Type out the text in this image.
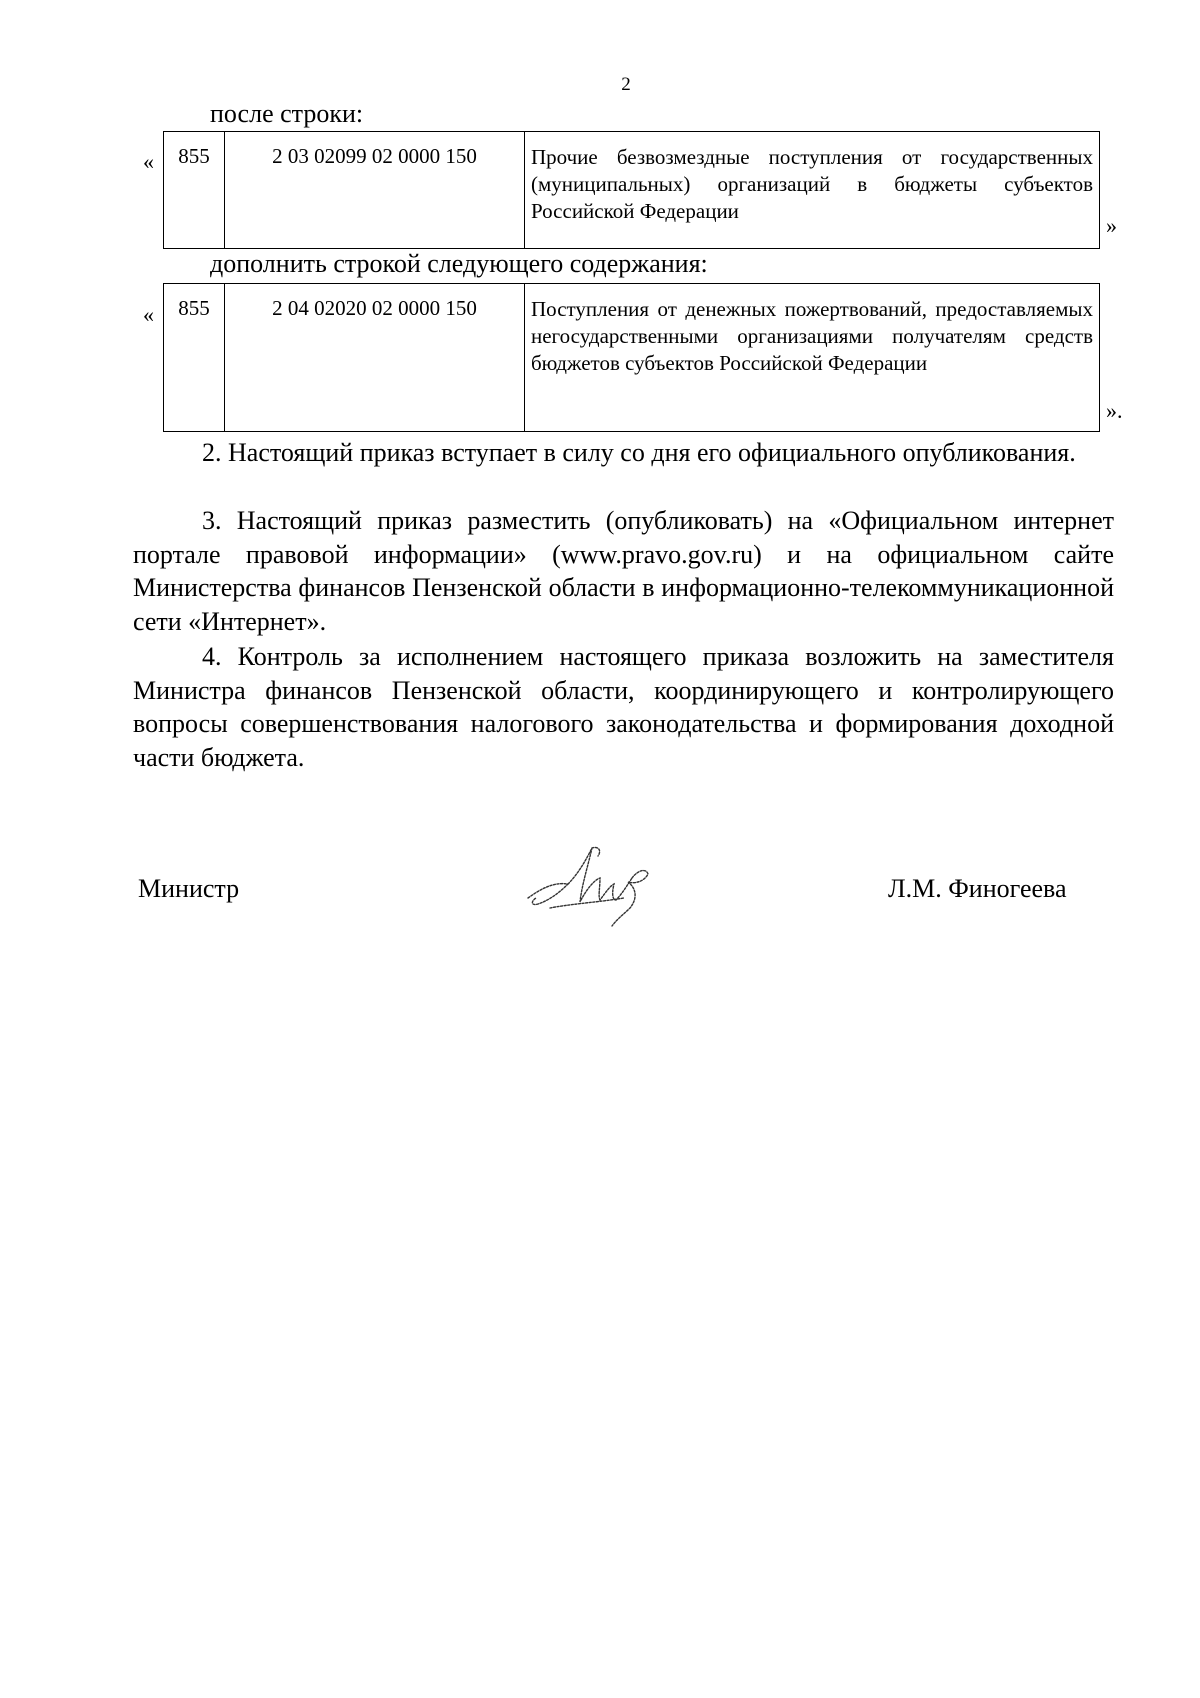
2
после строки:
« 855	2 03 02099 02 0000 150	Прочие безвозмездные поступления от государственных (муниципальных) организаций в бюджеты субъектов Российской Федерации
»
дополнить строкой следующего содержания:
« 855	2 04 02020 02 0000 150	Поступления от денежных пожертвований, предоставляемых негосударственными организациями получателям средств бюджетов субъектов Российской Федерации
».

2. Настоящий приказ вступает в силу со дня его официального опубликования.

3. Настоящий приказ разместить (опубликовать) на «Официальном интернет портале правовой информации» (www.pravo.gov.ru) и на официальном сайте Министерства финансов Пензенской области в информационно-телекоммуникационной сети «Интернет».

4. Контроль за исполнением настоящего приказа возложить на заместителя Министра финансов Пензенской области, координирующего и контролирующего вопросы совершенствования налогового законодательства и формирования доходной части бюджета.

Министр	Л.М. Финогеева
